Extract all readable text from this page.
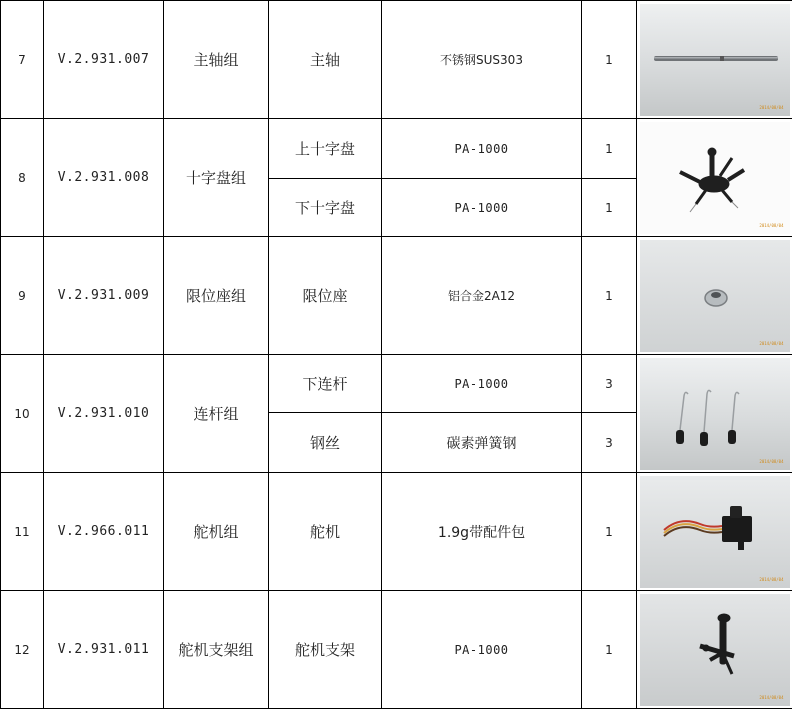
7	V.2.931.007	主轴组	主轴	不锈钢SUS303	1	2014/08/04

8	V.2.931.008	十字盘组	上十字盘	PA-1000	1	2014/08/04

			下十字盘	PA-1000	1	
9	V.2.931.009	限位座组	限位座	铝合金2A12	1	2014/08/04

10	V.2.931.010	连杆组	下连杆	PA-1000	3	2014/08/04

			钢丝	碳素弹簧钢	3	
11	V.2.966.011	舵机组	舵机	1.9g带配件包	1	2014/08/04

12	V.2.931.011	舵机支架组	舵机支架	PA-1000	1	2014/08/04
